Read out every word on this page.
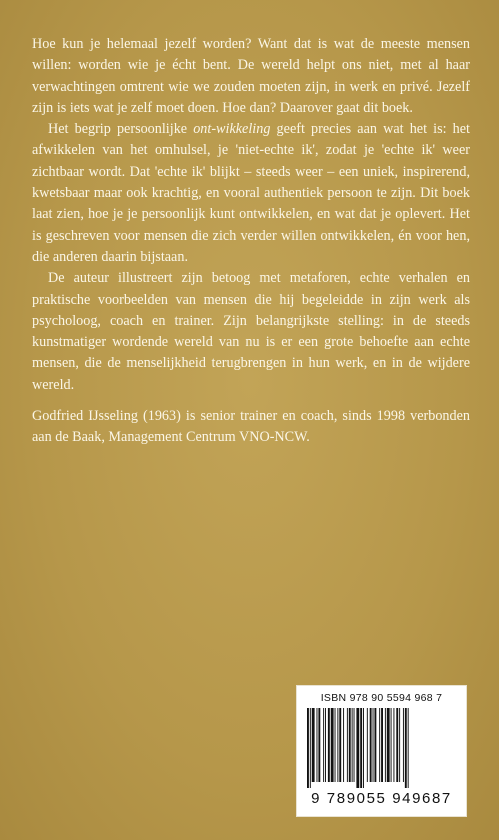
Hoe kun je helemaal jezelf worden? Want dat is wat de meeste mensen willen: worden wie je écht bent. De wereld helpt ons niet, met al haar verwachtingen omtrent wie we zouden moeten zijn, in werk en privé. Jezelf zijn is iets wat je zelf moet doen. Hoe dan? Daarover gaat dit boek.

Het begrip persoonlijke ont-wikkeling geeft precies aan wat het is: het afwikkelen van het omhulsel, je 'niet-echte ik', zodat je 'echte ik' weer zichtbaar wordt. Dat 'echte ik' blijkt – steeds weer – een uniek, inspirerend, kwetsbaar maar ook krachtig, en vooral authentiek persoon te zijn. Dit boek laat zien, hoe je je persoonlijk kunt ontwikkelen, en wat dat je oplevert. Het is geschreven voor mensen die zich verder willen ontwikkelen, én voor hen, die anderen daarin bijstaan.

De auteur illustreert zijn betoog met metaforen, echte verhalen en praktische voorbeelden van mensen die hij begeleidde in zijn werk als psycholoog, coach en trainer. Zijn belangrijkste stelling: in de steeds kunstmatiger wordende wereld van nu is er een grote behoefte aan echte mensen, die de menselijkheid terugbrengen in hun werk, en in de wijdere wereld.

Godfried IJsseling (1963) is senior trainer en coach, sinds 1998 verbonden aan de Baak, Management Centrum VNO-NCW.

ISBN 978 90 5594 968 7
9 789055 949687
